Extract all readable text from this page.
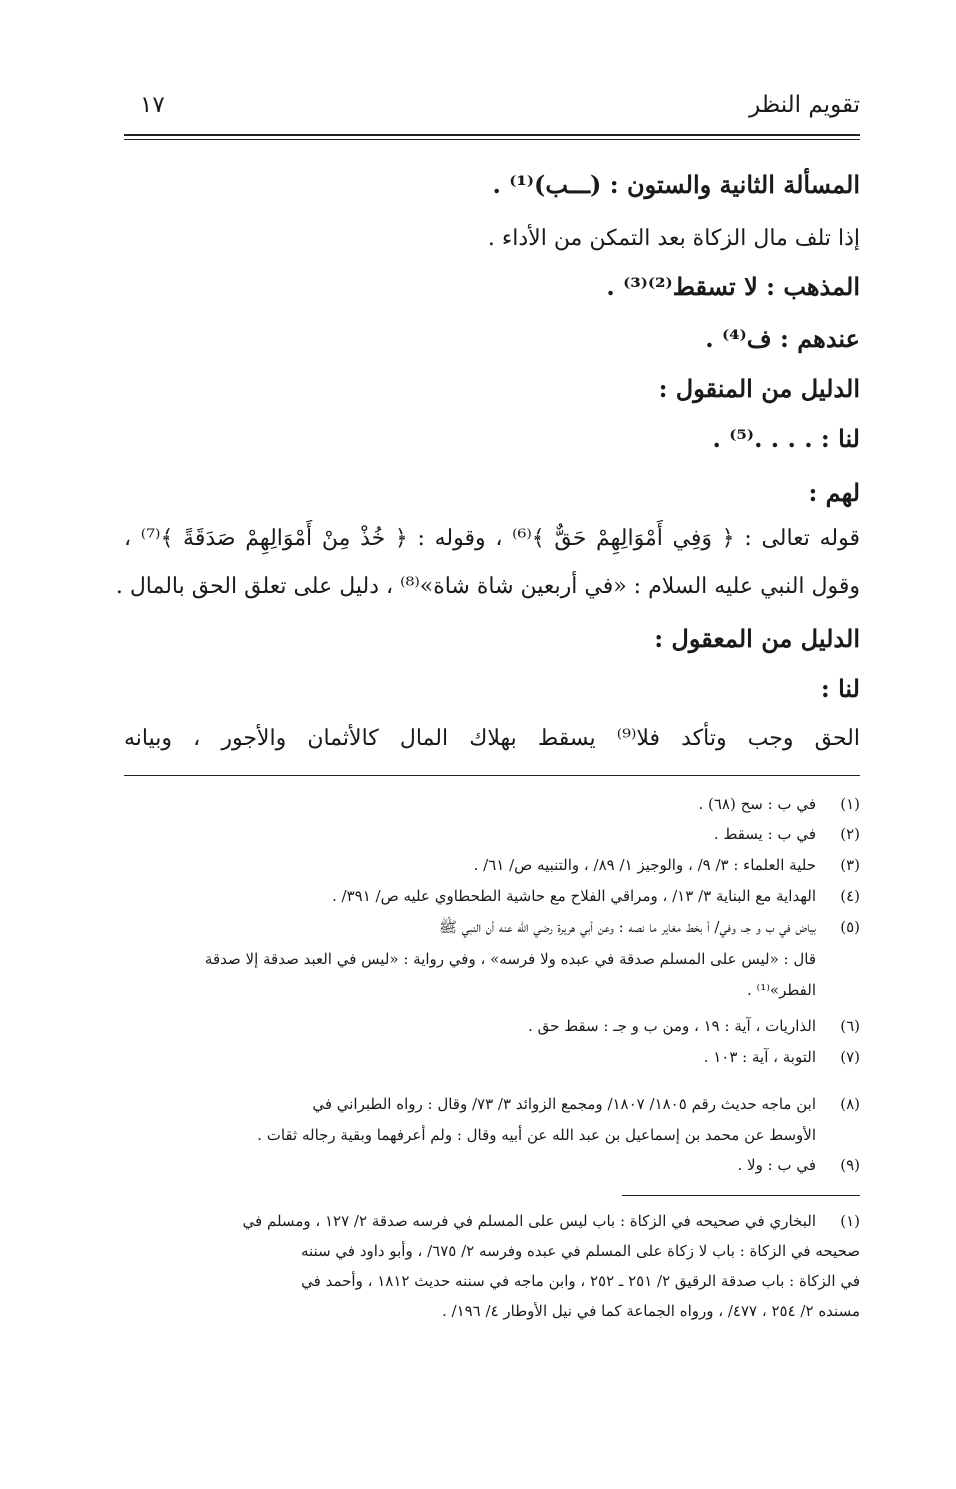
تقويم النظر
١٧
المسألة الثانية والستون : (ـــب)⁽¹⁾ .
إذا تلف مال الزكاة بعد التمكن من الأداء .
المذهب : لا تسقط⁽²⁾⁽³⁾ .
عندهم : ف⁽⁴⁾ .
الدليل من المنقول :
لنا : . . . .⁽⁵⁾ .
لهم :
قوله تعالى : ﴿ وَفِي أَمْوَالِهِمْ حَقٌّ ﴾⁽⁶⁾ ، وقوله : ﴿ خُذْ مِنْ أَمْوَالِهِمْ صَدَقَةً ﴾⁽⁷⁾ ،
وقول النبي عليه السلام : «في أربعين شاة شاة»⁽⁸⁾ ، دليل على تعلق الحق بالمال .
الدليل من المعقول :
لنا :
الحق وجب وتأكد فلا⁽⁹⁾ يسقط بهلاك المال كالأثمان والأجور ، وبيانه
(١)في ب : سح (٦٨) .
(٢)في ب : يسقط .
(٣)حلية العلماء : ٣/ ٩/ ، والوجيز ١/ ٨٩/ ، والتنبيه ص/ ٦١/ .
(٤)الهداية مع البناية ٣/ ١٣/ ، ومراقي الفلاح مع حاشية الطحطاوي عليه ص/ ٣٩١/ .
(٥)بياض في ب و جـ، وفي/ أ بخط مغاير ما نصه : وعن أبي هريرة رضي الله عنه أن النبي ﷺ
قال : «ليس على المسلم صدقة في عبده ولا فرسه» ، وفي رواية : «ليس في العبد صدقة إلا صدقة
الفطر»⁽¹⁾ .
(٦)الذاريات ، آية : ١٩ ، ومن ب و جـ : سقط حق .
(٧)التوبة ، آية : ١٠٣ .
(٨)ابن ماجه حديث رقم ١٨٠٥/ ١٨٠٧/ ومجمع الزوائد ٣/ ٧٣/ وقال : رواه الطبراني في
الأوسط عن محمد بن إسماعيل بن عبد الله عن أبيه وقال : ولم أعرفهما وبقية رجاله ثقات .
(٩)في ب : ولا .
(١)البخاري في صحيحه في الزكاة : باب ليس على المسلم في فرسه صدقة ٢/ ١٢٧ ، ومسلم في
صحيحه في الزكاة : باب لا زكاة على المسلم في عبده وفرسه ٢/ ٦٧٥/ ، وأبو داود في سننه
في الزكاة : باب صدقة الرقيق ٢/ ٢٥١ ـ ٢٥٢ ، وابن ماجه في سننه حديث ١٨١٢ ، وأحمد في
مسنده ٢/ ٢٥٤ ، ٤٧٧/ ، ورواه الجماعة كما في نيل الأوطار ٤/ ١٩٦/ .
